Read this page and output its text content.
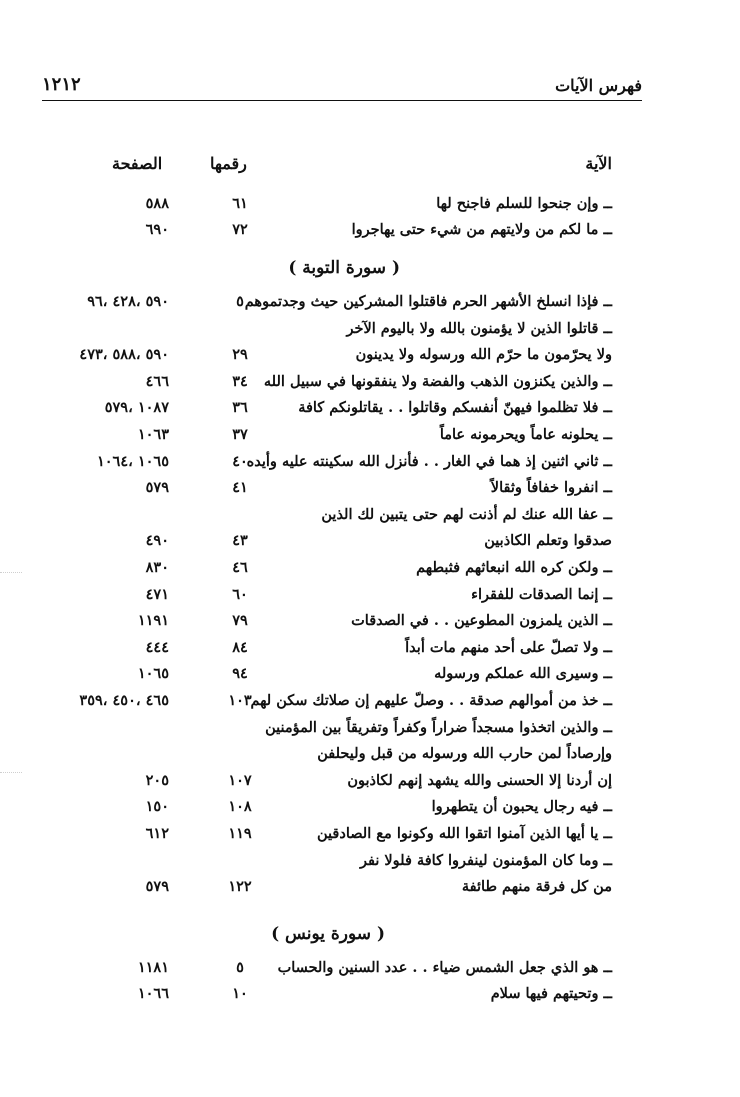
فهرس الآيات
١٢١٢
الآية
رقمها
الصفحة
ــ وإن جنحوا للسلم فاجنح لها
٦١
٥٨٨
ــ ما لكم من ولايتهم من شيء حتى يهاجروا
٧٢
٦٩٠
( سورة التوبة )
ــ فإذا انسلخ الأشهر الحرم فاقتلوا المشركين حيث وجدتموهم
٥
٥٩٠ ،٤٢٨ ،٩٦
ــ قاتلوا الذين لا يؤمنون بالله ولا باليوم الآخر
ولا يحرّمون ما حرّم الله ورسوله ولا يدينون
٢٩
٥٩٠ ،٥٨٨ ،٤٧٣
ــ والذين يكنزون الذهب والفضة ولا ينفقونها في سبيل الله
٣٤
٤٦٦
ــ فلا تظلموا فيهنّ أنفسكم وقاتلوا . . يقاتلونكم كافة
٣٦
١٠٨٧ ،٥٧٩
ــ يحلونه عاماً ويحرمونه عاماً
٣٧
١٠٦٣
ــ ثاني اثنين إذ هما في الغار . . فأنزل الله سكينته عليه وأيده
٤٠
١٠٦٥ ،١٠٦٤
ــ انفروا خفافاً وثقالاً
٤١
٥٧٩
ــ عفا الله عنك لم أذنت لهم حتى يتبين لك الذين
صدقوا وتعلم الكاذبين
٤٣
٤٩٠
ــ ولكن كره الله انبعاثهم فثبطهم
٤٦
٨٣٠
ــ إنما الصدقات للفقراء
٦٠
٤٧١
ــ الذين يلمزون المطوعين . . في الصدقات
٧٩
١١٩١
ــ ولا تصلّ على أحد منهم مات أبداً
٨٤
٤٤٤
ــ وسيرى الله عملكم ورسوله
٩٤
١٠٦٥
ــ خذ من أموالهم صدقة . . وصلّ عليهم إن صلاتك سكن لهم
١٠٣
٤٦٥ ،٤٥٠ ،٣٥٩
ــ والذين اتخذوا مسجداً ضراراً وكفراً وتفريقاً بين المؤمنين
وإرصاداً لمن حارب الله ورسوله من قبل وليحلفن
إن أردنا إلا الحسنى والله يشهد إنهم لكاذبون
١٠٧
٢٠٥
ــ فيه رجال يحبون أن يتطهروا
١٠٨
١٥٠
ــ يا أيها الذين آمنوا اتقوا الله وكونوا مع الصادقين
١١٩
٦١٢
ــ وما كان المؤمنون لينفروا كافة فلولا نفر
من كل فرقة منهم طائفة
١٢٢
٥٧٩
( سورة يونس )
ــ هو الذي جعل الشمس ضياء . . عدد السنين والحساب
٥
١١٨١
ــ وتحيتهم فيها سلام
١٠
١٠٦٦
